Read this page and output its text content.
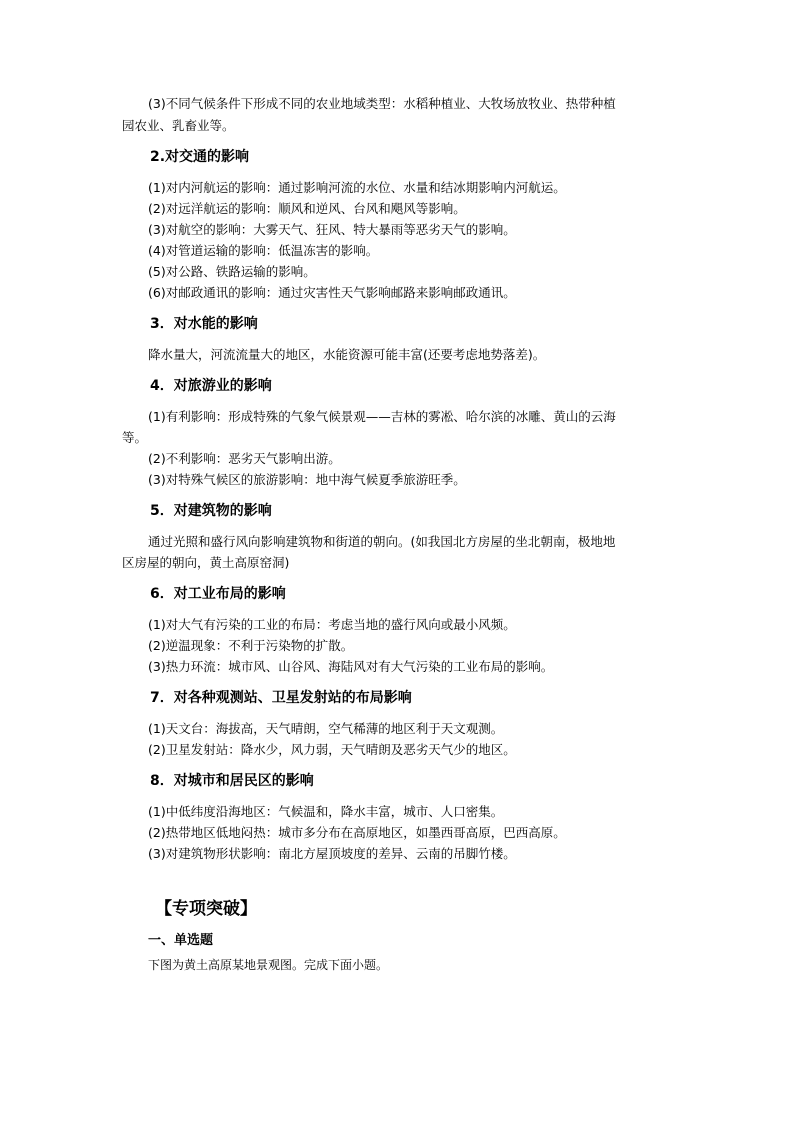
(3)不同气候条件下形成不同的农业地域类型：水稻种植业、大牧场放牧业、热带种植
园农业、乳畜业等。
2.对交通的影响
(1)对内河航运的影响：通过影响河流的水位、水量和结冰期影响内河航运。
(2)对远洋航运的影响：顺风和逆风、台风和飓风等影响。
(3)对航空的影响：大雾天气、狂风、特大暴雨等恶劣天气的影响。
(4)对管道运输的影响：低温冻害的影响。
(5)对公路、铁路运输的影响。
(6)对邮政通讯的影响：通过灾害性天气影响邮路来影响邮政通讯。
3．对水能的影响
降水量大，河流流量大的地区，水能资源可能丰富(还要考虑地势落差)。
4．对旅游业的影响
(1)有利影响：形成特殊的气象气候景观——吉林的雾凇、哈尔滨的冰雕、黄山的云海
等。
(2)不利影响：恶劣天气影响出游。
(3)对特殊气候区的旅游影响：地中海气候夏季旅游旺季。
5．对建筑物的影响
通过光照和盛行风向影响建筑物和街道的朝向。(如我国北方房屋的坐北朝南，极地地
区房屋的朝向，黄土高原窑洞)
6．对工业布局的影响
(1)对大气有污染的工业的布局：考虑当地的盛行风向或最小风频。
(2)逆温现象：不利于污染物的扩散。
(3)热力环流：城市风、山谷风、海陆风对有大气污染的工业布局的影响。
7．对各种观测站、卫星发射站的布局影响
(1)天文台：海拔高，天气晴朗，空气稀薄的地区利于天文观测。
(2)卫星发射站：降水少，风力弱，天气晴朗及恶劣天气少的地区。
8．对城市和居民区的影响
(1)中低纬度沿海地区：气候温和，降水丰富，城市、人口密集。
(2)热带地区低地闷热：城市多分布在高原地区，如墨西哥高原，巴西高原。
(3)对建筑物形状影响：南北方屋顶坡度的差异、云南的吊脚竹楼。
【专项突破】
一、单选题
下图为黄土高原某地景观图。完成下面小题。
